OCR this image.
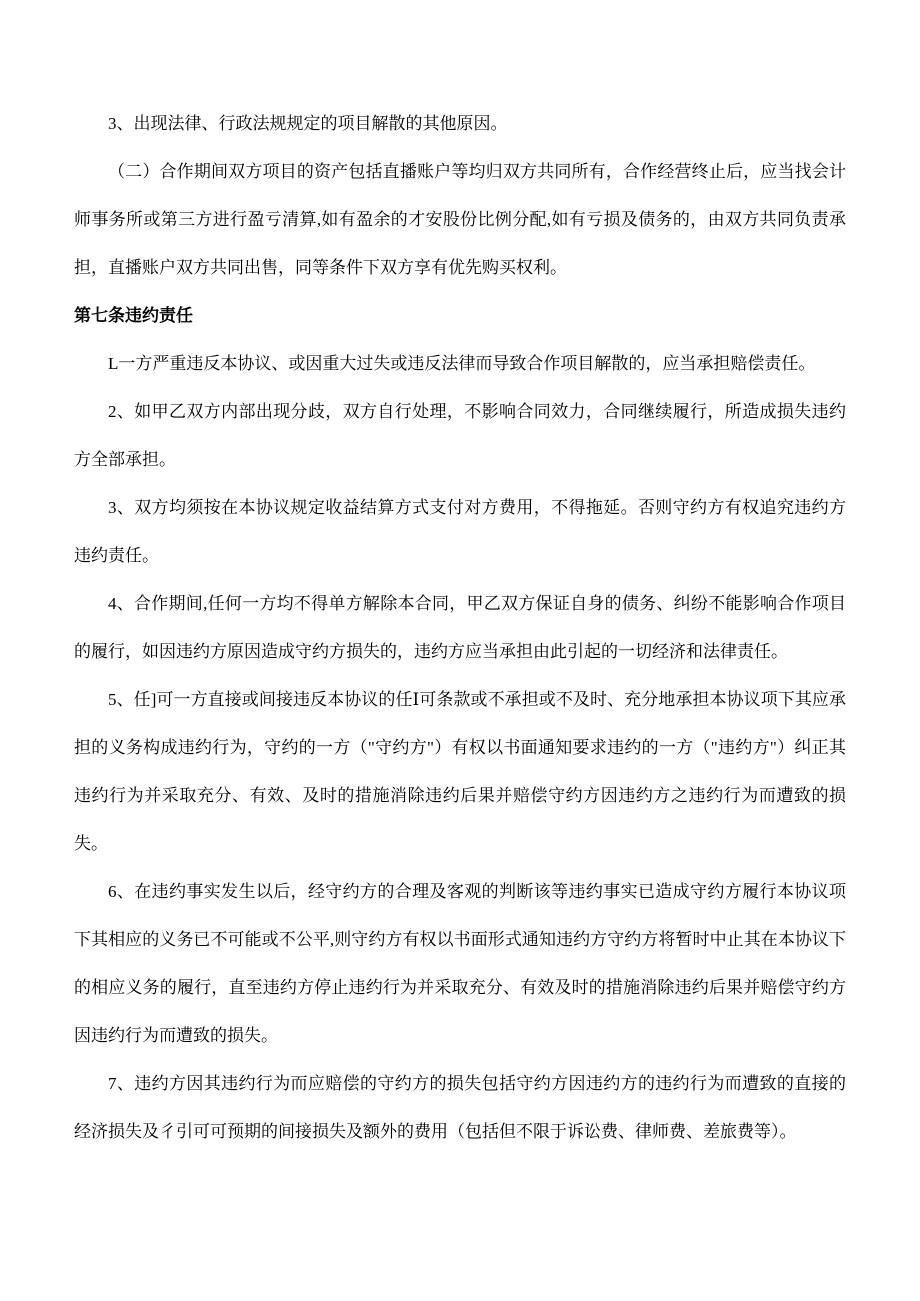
3、出现法律、行政法规规定的项目解散的其他原因。

（二）合作期间双方项目的资产包括直播账户等均归双方共同所有，合作经营终止后，应当找会计师事务所或第三方进行盈亏清算,如有盈余的才安股份比例分配,如有亏损及债务的，由双方共同负责承担，直播账户双方共同出售，同等条件下双方享有优先购买权利。

第七条违约责任

L一方严重违反本协议、或因重大过失或违反法律而导致合作项目解散的，应当承担赔偿责任。

2、如甲乙双方内部出现分歧，双方自行处理，不影响合同效力，合同继续履行，所造成损失违约方全部承担。

3、双方均须按在本协议规定收益结算方式支付对方费用，不得拖延。否则守约方有权追究违约方违约责任。

4、合作期间,任何一方均不得单方解除本合同，甲乙双方保证自身的债务、纠纷不能影响合作项目的履行，如因违约方原因造成守约方损失的，违约方应当承担由此引起的一切经济和法律责任。

5、任]可一方直接或间接违反本协议的任Ⅰ可条款或不承担或不及时、充分地承担本协议项下其应承担的义务构成违约行为，守约的一方（"守约方"）有权以书面通知要求违约的一方（"违约方"）纠正其违约行为并采取充分、有效、及时的措施消除违约后果并赔偿守约方因违约方之违约行为而遭致的损失。

6、在违约事实发生以后，经守约方的合理及客观的判断该等违约事实已造成守约方履行本协议项下其相应的义务已不可能或不公平,则守约方有权以书面形式通知违约方守约方将暂时中止其在本协议下的相应义务的履行，直至违约方停止违约行为并采取充分、有效及时的措施消除违约后果并赔偿守约方因违约行为而遭致的损失。

7、违约方因其违约行为而应赔偿的守约方的损失包括守约方因违约方的违约行为而遭致的直接的经济损失及彳引可可预期的间接损失及额外的费用（包括但不限于诉讼费、律师费、差旅费等）。
